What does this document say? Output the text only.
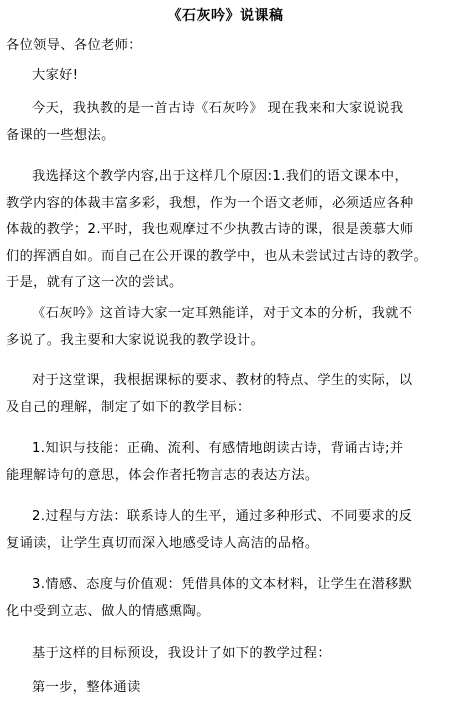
《石灰吟》说课稿
各位领导、各位老师：
大家好!
今天，我执教的是一首古诗《石灰吟》 现在我来和大家说说我
备课的一些想法。
我选择这个教学内容,出于这样几个原因:1.我们的语文课本中，
教学内容的体裁丰富多彩，我想，作为一个语文老师，必须适应各种
体裁的教学；2.平时，我也观摩过不少执教古诗的课，很是羡慕大师
们的挥洒自如。而自己在公开课的教学中，也从未尝试过古诗的教学。
于是，就有了这一次的尝试。
《石灰吟》这首诗大家一定耳熟能详，对于文本的分析，我就不
多说了。我主要和大家说说我的教学设计。
对于这堂课，我根据课标的要求、教材的特点、学生的实际，以
及自己的理解，制定了如下的教学目标：
1.知识与技能：正确、流利、有感情地朗读古诗，背诵古诗;并
能理解诗句的意思，体会作者托物言志的表达方法。
2.过程与方法：联系诗人的生平，通过多种形式、不同要求的反
复诵读，让学生真切而深入地感受诗人高洁的品格。
3.情感、态度与价值观：凭借具体的文本材料，让学生在潜移默
化中受到立志、做人的情感熏陶。
基于这样的目标预设，我设计了如下的教学过程：
第一步，整体通读
